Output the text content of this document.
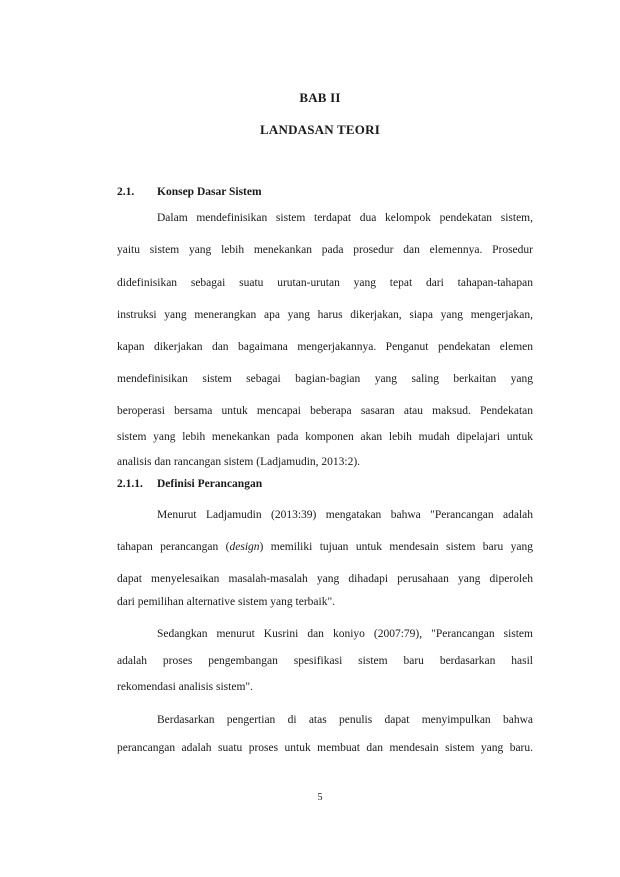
BAB II
LANDASAN TEORI
2.1. Konsep Dasar Sistem
Dalam mendefinisikan sistem terdapat dua kelompok pendekatan sistem,
yaitu sistem yang lebih menekankan pada prosedur dan elemennya. Prosedur
didefinisikan sebagai suatu urutan-urutan yang tepat dari tahapan-tahapan
instruksi yang menerangkan apa yang harus dikerjakan, siapa yang mengerjakan,
kapan dikerjakan dan bagaimana mengerjakannya. Penganut pendekatan elemen
mendefinisikan sistem sebagai bagian-bagian yang saling berkaitan yang
beroperasi bersama untuk mencapai beberapa sasaran atau maksud. Pendekatan
sistem yang lebih menekankan pada komponen akan lebih mudah dipelajari untuk
analisis dan rancangan sistem (Ladjamudin, 2013:2).
2.1.1. Definisi Perancangan
Menurut Ladjamudin (2013:39) mengatakan bahwa "Perancangan adalah
tahapan perancangan (design) memiliki tujuan untuk mendesain sistem baru yang
dapat menyelesaikan masalah-masalah yang dihadapi perusahaan yang diperoleh
dari pemilihan alternative sistem yang terbaik".
Sedangkan menurut Kusrini dan koniyo (2007:79), "Perancangan sistem
adalah proses pengembangan spesifikasi sistem baru berdasarkan hasil
rekomendasi analisis sistem".
Berdasarkan pengertian di atas penulis dapat menyimpulkan bahwa
perancangan adalah suatu proses untuk membuat dan mendesain sistem yang baru.
5
